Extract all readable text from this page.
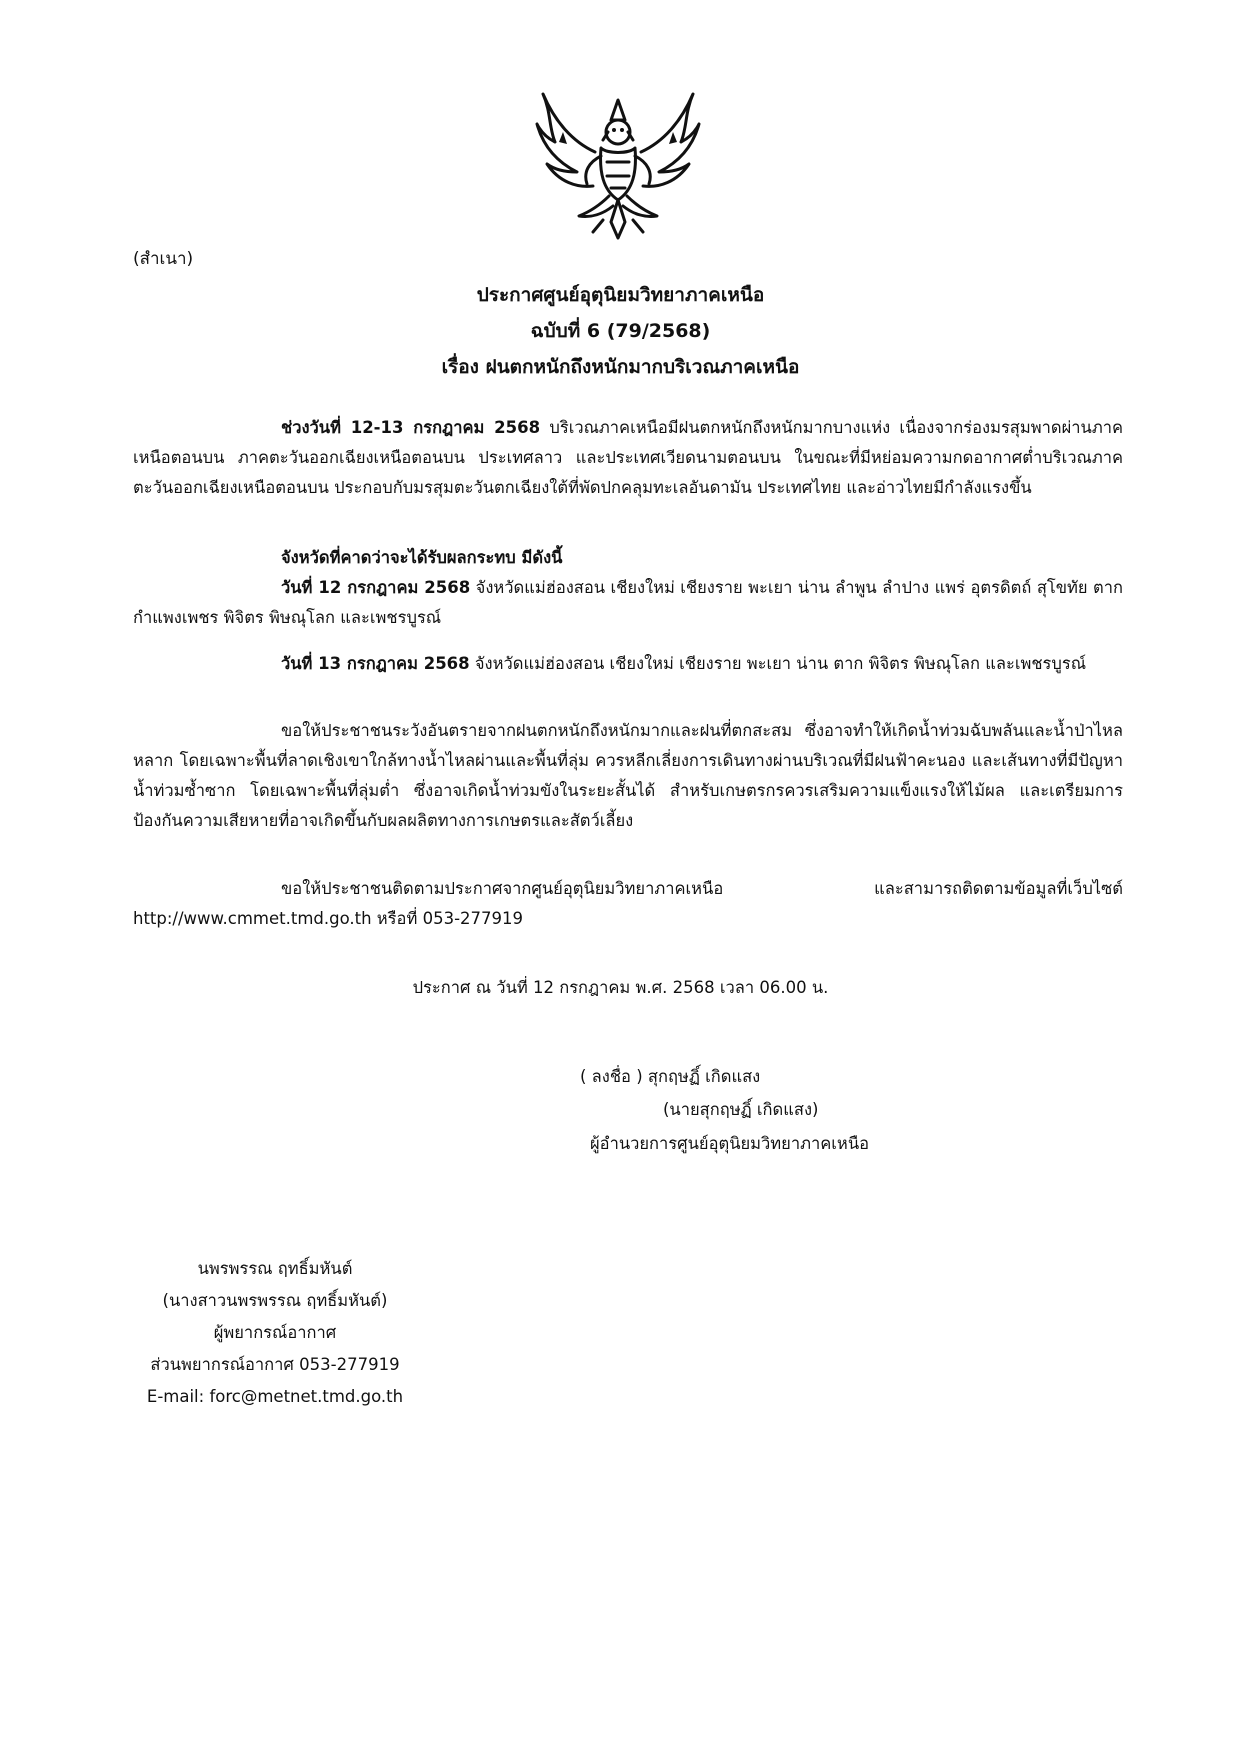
(สำเนา)
ประกาศศูนย์อุตุนิยมวิทยาภาคเหนือ
ฉบับที่ 6 (79/2568)
เรื่อง ฝนตกหนักถึงหนักมากบริเวณภาคเหนือ

ช่วงวันที่ 12-13 กรกฎาคม 2568 บริเวณภาคเหนือมีฝนตกหนักถึงหนักมากบางแห่ง เนื่องจากร่องมรสุมพาดผ่านภาคเหนือตอนบน ภาคตะวันออกเฉียงเหนือตอนบน ประเทศลาว และประเทศเวียดนามตอนบน ในขณะที่มีหย่อมความกดอากาศต่ำบริเวณภาคตะวันออกเฉียงเหนือตอนบน ประกอบกับมรสุมตะวันตกเฉียงใต้ที่พัดปกคลุมทะเลอันดามัน ประเทศไทย และอ่าวไทยมีกำลังแรงขึ้น

จังหวัดที่คาดว่าจะได้รับผลกระทบ มีดังนี้

วันที่ 12 กรกฎาคม 2568 จังหวัดแม่ฮ่องสอน เชียงใหม่ เชียงราย พะเยา น่าน ลำพูน ลำปาง แพร่ อุตรดิตถ์ สุโขทัย ตาก กำแพงเพชร พิจิตร พิษณุโลก และเพชรบูรณ์

วันที่ 13 กรกฎาคม 2568 จังหวัดแม่ฮ่องสอน เชียงใหม่ เชียงราย พะเยา น่าน ตาก พิจิตร พิษณุโลก และเพชรบูรณ์

ขอให้ประชาชนระวังอันตรายจากฝนตกหนักถึงหนักมากและฝนที่ตกสะสม ซึ่งอาจทำให้เกิดน้ำท่วมฉับพลันและน้ำป่าไหลหลาก โดยเฉพาะพื้นที่ลาดเชิงเขาใกล้ทางน้ำไหลผ่านและพื้นที่ลุ่ม ควรหลีกเลี่ยงการเดินทางผ่านบริเวณที่มีฝนฟ้าคะนอง และเส้นทางที่มีปัญหาน้ำท่วมซ้ำซาก โดยเฉพาะพื้นที่ลุ่มต่ำ ซึ่งอาจเกิดน้ำท่วมขังในระยะสั้นได้ สำหรับเกษตรกรควรเสริมความแข็งแรงให้ไม้ผล และเตรียมการป้องกันความเสียหายที่อาจเกิดขึ้นกับผลผลิตทางการเกษตรและสัตว์เลี้ยง

ขอให้ประชาชนติดตามประกาศจากศูนย์อุตุนิยมวิทยาภาคเหนือ และสามารถติดตามข้อมูลที่เว็บไซต์ http://www.cmmet.tmd.go.th หรือที่ 053-277919

ประกาศ ณ วันที่ 12 กรกฎาคม พ.ศ. 2568 เวลา 06.00 น.
( ลงชื่อ ) สุกฤษฏิ์ เกิดแสง
(นายสุกฤษฏิ์ เกิดแสง)
ผู้อำนวยการศูนย์อุตุนิยมวิทยาภาคเหนือ
นพรพรรณ ฤทธิ์มหันต์
(นางสาวนพรพรรณ ฤทธิ์มหันต์)
ผู้พยากรณ์อากาศ
ส่วนพยากรณ์อากาศ 053-277919
E-mail: forc@metnet.tmd.go.th
